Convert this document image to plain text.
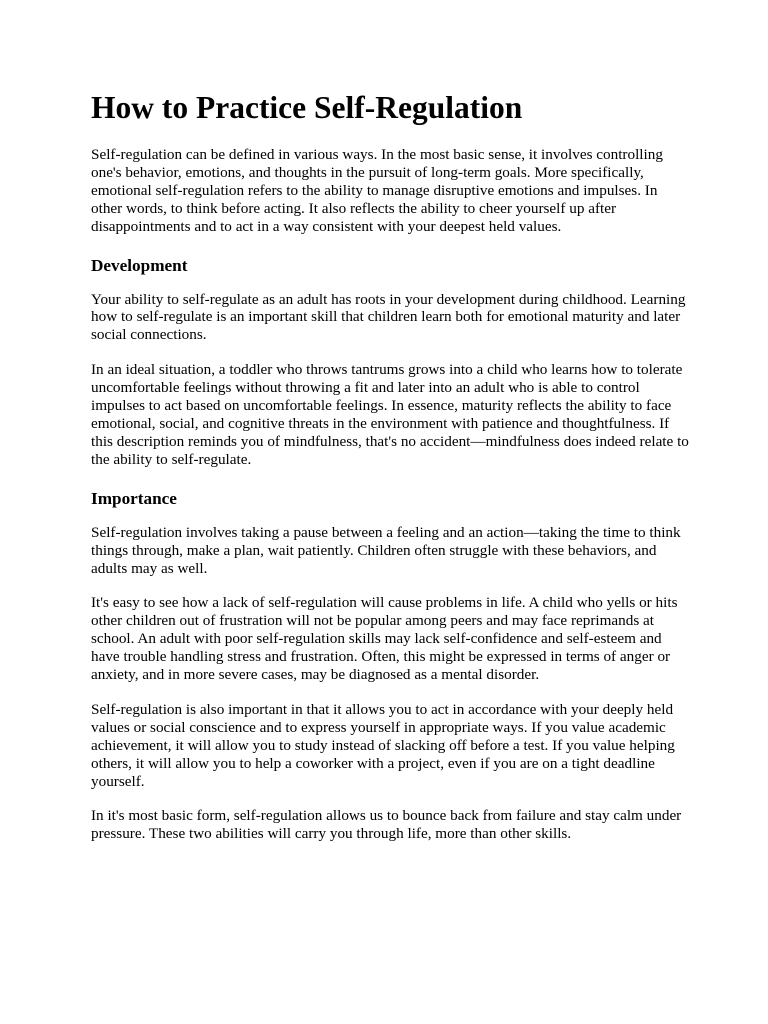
How to Practice Self-Regulation

Self-regulation can be defined in various ways. In the most basic sense, it involves controlling one's behavior, emotions, and thoughts in the pursuit of long-term goals. More specifically, emotional self-regulation refers to the ability to manage disruptive emotions and impulses. In other words, to think before acting. It also reflects the ability to cheer yourself up after disappointments and to act in a way consistent with your deepest held values.

Development

Your ability to self-regulate as an adult has roots in your development during childhood. Learning how to self-regulate is an important skill that children learn both for emotional maturity and later social connections.

In an ideal situation, a toddler who throws tantrums grows into a child who learns how to tolerate uncomfortable feelings without throwing a fit and later into an adult who is able to control impulses to act based on uncomfortable feelings. In essence, maturity reflects the ability to face emotional, social, and cognitive threats in the environment with patience and thoughtfulness. If this description reminds you of mindfulness, that's no accident—mindfulness does indeed relate to the ability to self-regulate.

Importance

Self-regulation involves taking a pause between a feeling and an action—taking the time to think things through, make a plan, wait patiently. Children often struggle with these behaviors, and adults may as well.

It's easy to see how a lack of self-regulation will cause problems in life. A child who yells or hits other children out of frustration will not be popular among peers and may face reprimands at school. An adult with poor self-regulation skills may lack self-confidence and self-esteem and have trouble handling stress and frustration. Often, this might be expressed in terms of anger or anxiety, and in more severe cases, may be diagnosed as a mental disorder.

Self-regulation is also important in that it allows you to act in accordance with your deeply held values or social conscience and to express yourself in appropriate ways. If you value academic achievement, it will allow you to study instead of slacking off before a test. If you value helping others, it will allow you to help a coworker with a project, even if you are on a tight deadline yourself.

In it's most basic form, self-regulation allows us to bounce back from failure and stay calm under pressure. These two abilities will carry you through life, more than other skills.
